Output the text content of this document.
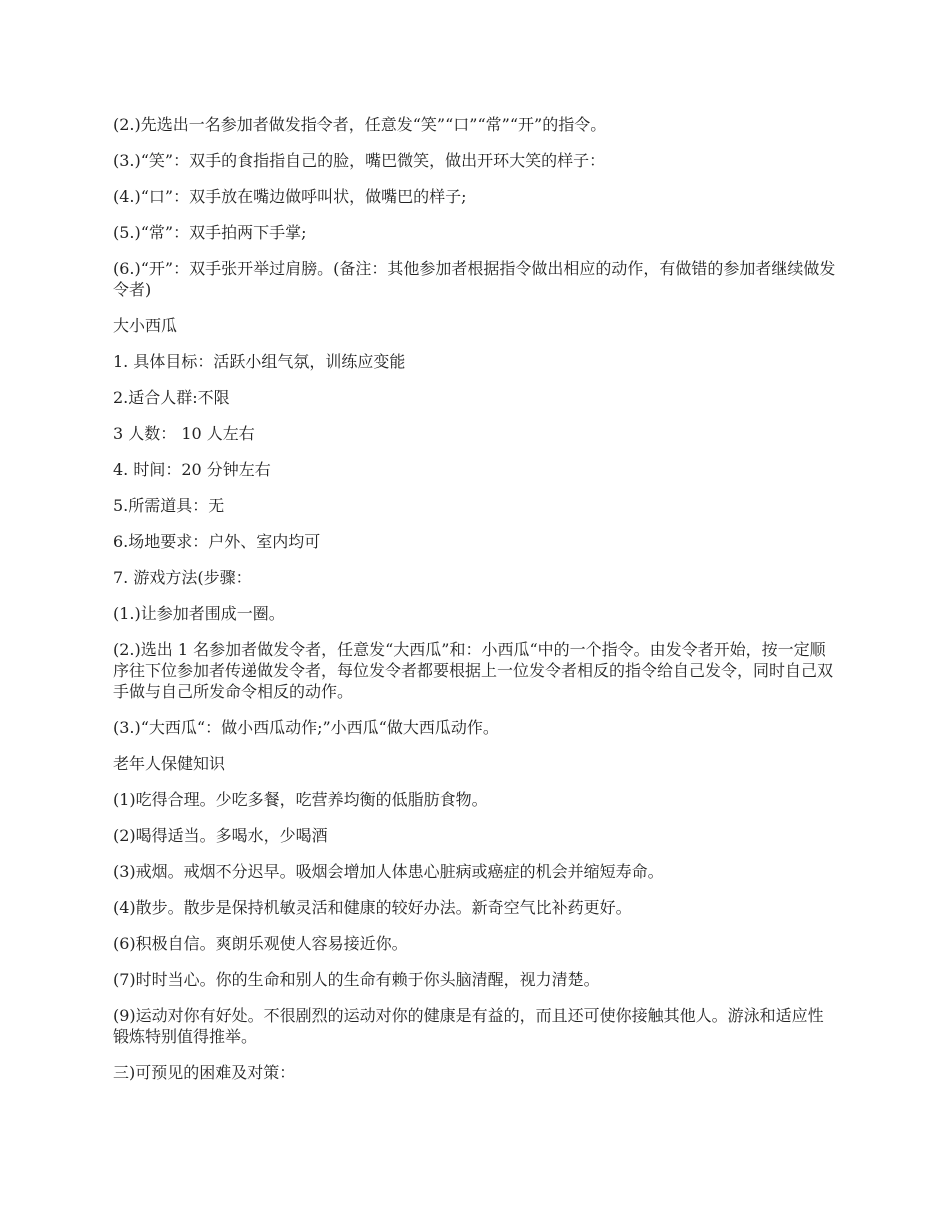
(2.)先选出一名参加者做发指令者，任意发“笑”“口”“常”“开”的指令。

(3.)“笑”：双手的食指指自己的脸，嘴巴微笑，做出开环大笑的样子：

(4.)“口”：双手放在嘴边做呼叫状，做嘴巴的样子;

(5.)“常”：双手拍两下手掌;

(6.)“开”：双手张开举过肩膀。(备注：其他参加者根据指令做出相应的动作，有做错的参加者继续做发令者)

大小西瓜

1. 具体目标：活跃小组气氛，训练应变能

2.适合人群:不限

3 人数： 10 人左右

4. 时间：20 分钟左右

5.所需道具：无

6.场地要求：户外、室内均可

7. 游戏方法(步骤：

(1.)让参加者围成一圈。

(2.)选出 1 名参加者做发令者，任意发“大西瓜”和：小西瓜“中的一个指令。由发令者开始，按一定顺序往下位参加者传递做发令者，每位发令者都要根据上一位发令者相反的指令给自己发令，同时自己双手做与自己所发命令相反的动作。

(3.)“大西瓜“：做小西瓜动作;”小西瓜“做大西瓜动作。

老年人保健知识

(1)吃得合理。少吃多餐，吃营养均衡的低脂肪食物。

(2)喝得适当。多喝水，少喝酒

(3)戒烟。戒烟不分迟早。吸烟会增加人体患心脏病或癌症的机会并缩短寿命。

(4)散步。散步是保持机敏灵活和健康的较好办法。新奇空气比补药更好。

(6)积极自信。爽朗乐观使人容易接近你。

(7)时时当心。你的生命和别人的生命有赖于你头脑清醒，视力清楚。

(9)运动对你有好处。不很剧烈的运动对你的健康是有益的，而且还可使你接触其他人。游泳和适应性锻炼特别值得推举。

三)可预见的困难及对策：
